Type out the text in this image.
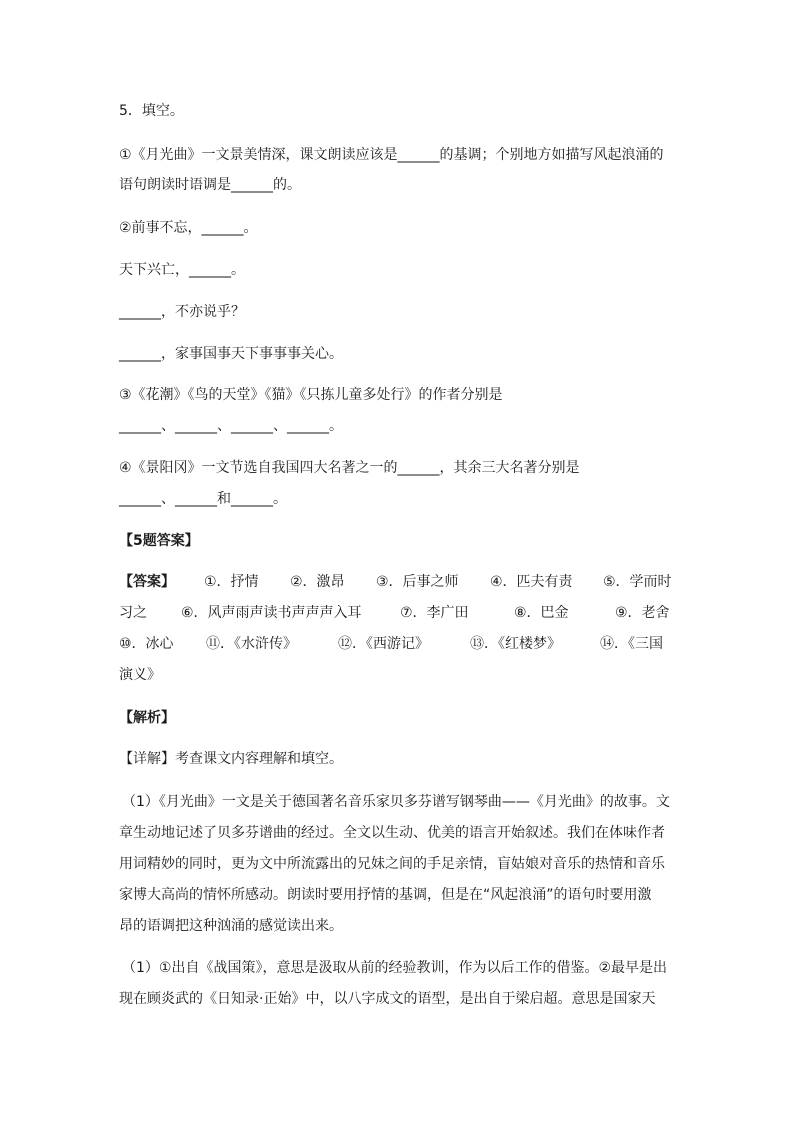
5．填空。
①《月光曲》一文景美情深，课文朗读应该是______的基调；个别地方如描写风起浪涌的
语句朗读时语调是______的。
②前事不忘，______。
天下兴亡，______。
______，不亦说乎？
______，家事国事天下事事事关心。
③《花潮》《鸟的天堂》《猫》《只拣儿童多处行》的作者分别是
______、______、______、______。
④《景阳冈》一文节选自我国四大名著之一的______，其余三大名著分别是
______、______和______。
【5题答案】
【答案】 ①．抒情 ②．激昂 ③．后事之师 ④．匹夫有责 ⑤．学而时
习之 ⑥．风声雨声读书声声声入耳	⑦．李广田	⑧．巴金	⑨．老舍
⑩．冰心 ⑪．《水浒传》	⑫．《西游记》	⑬．《红楼梦》	⑭．《三国
演义》
【解析】
【详解】考查课文内容理解和填空。
（1）《月光曲》一文是关于德国著名音乐家贝多芬谱写钢琴曲——《月光曲》的故事。文
章生动地记述了贝多芬谱曲的经过。全文以生动、优美的语言开始叙述。我们在体味作者
用词精妙的同时，更为文中所流露出的兄妹之间的手足亲情，盲姑娘对音乐的热情和音乐
家博大高尚的情怀所感动。朗读时要用抒情的基调，但是在“风起浪涌”的语句时要用激
昂的语调把这种汹涌的感觉读出来。
（1）①出自《战国策》，意思是汲取从前的经验教训，作为以后工作的借鉴。②最早是出
现在顾炎武的《日知录·正始》中，以八字成文的语型，是出自于梁启超。意思是国家天
